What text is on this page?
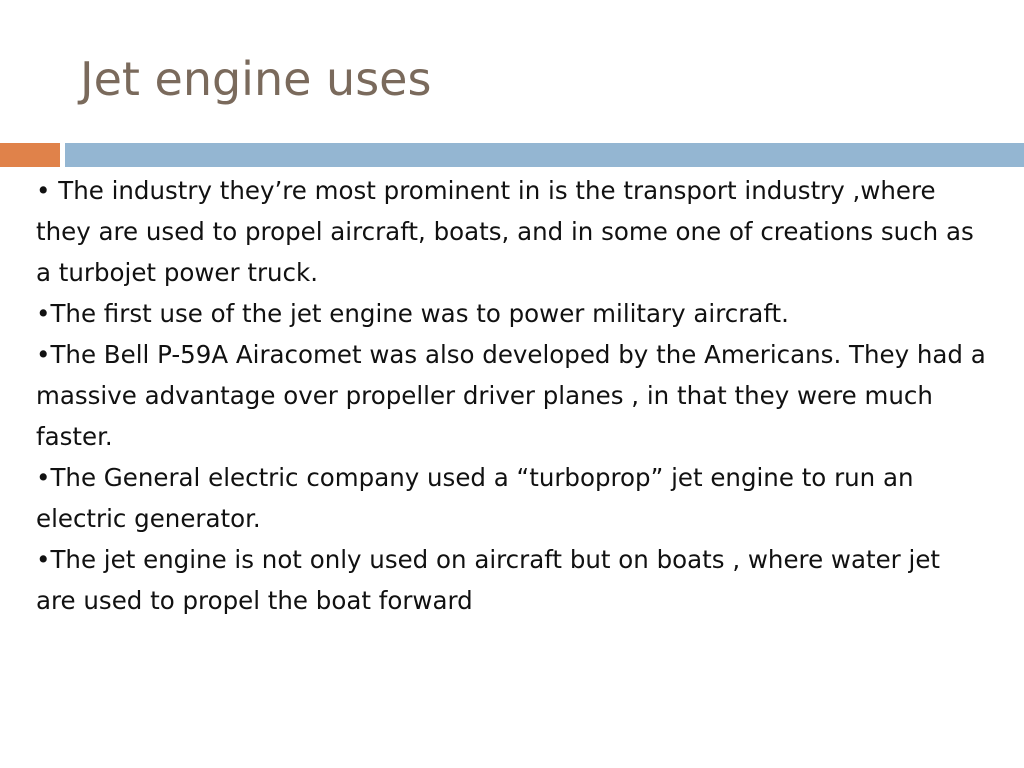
Jet engine uses

• The industry they’re most prominent in is the transport industry ,where they are used to propel aircraft, boats, and in some one of creations such as a turbojet power truck.

•The first use of the jet engine was to power military aircraft.

•The Bell P-59A Airacomet was also developed by the Americans. They had a massive advantage over propeller driver planes , in that they were much faster.

•The General electric company used a “turboprop” jet engine to run an electric generator.

•The jet engine is not only used on aircraft but on boats , where water jet are used to propel the boat forward
